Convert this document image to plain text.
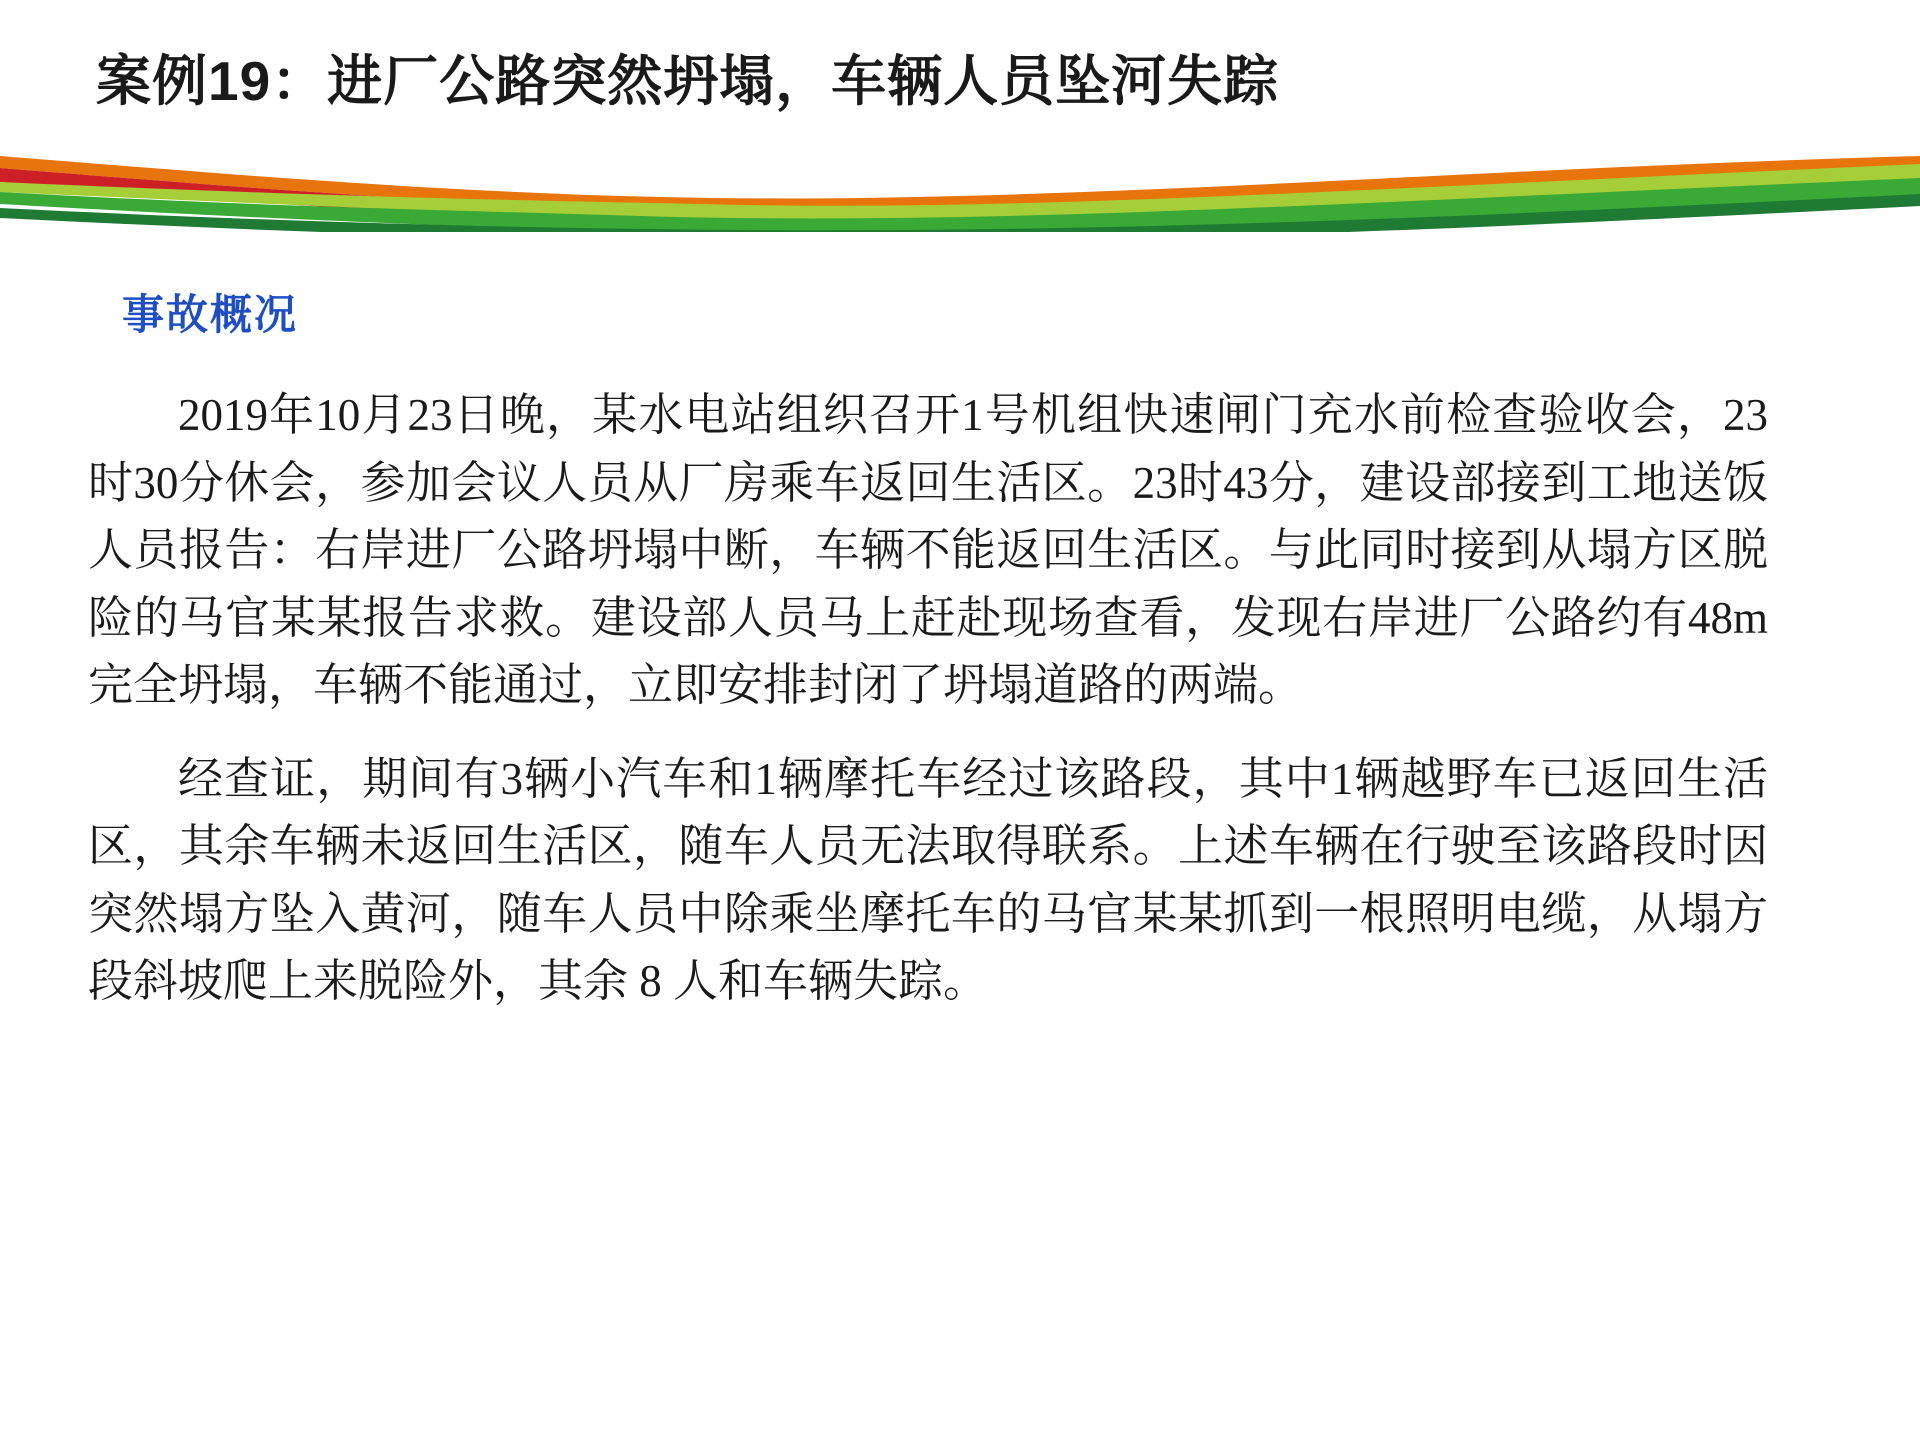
案例19：进厂公路突然坍塌，车辆人员坠河失踪
事故概况

2019年10月23日晚，某水电站组织召开1号机组快速闸门充水前检查验收会，23时30分休会，参加会议人员从厂房乘车返回生活区。23时43分，建设部接到工地送饭人员报告：右岸进厂公路坍塌中断，车辆不能返回生活区。与此同时接到从塌方区脱险的马官某某报告求救。建设部人员马上赶赴现场查看，发现右岸进厂公路约有48m完全坍塌，车辆不能通过，立即安排封闭了坍塌道路的两端。

经查证，期间有3辆小汽车和1辆摩托车经过该路段，其中1辆越野车已返回生活区，其余车辆未返回生活区，随车人员无法取得联系。上述车辆在行驶至该路段时因突然塌方坠入黄河，随车人员中除乘坐摩托车的马官某某抓到一根照明电缆，从塌方段斜坡爬上来脱险外，其余 8 人和车辆失踪。
